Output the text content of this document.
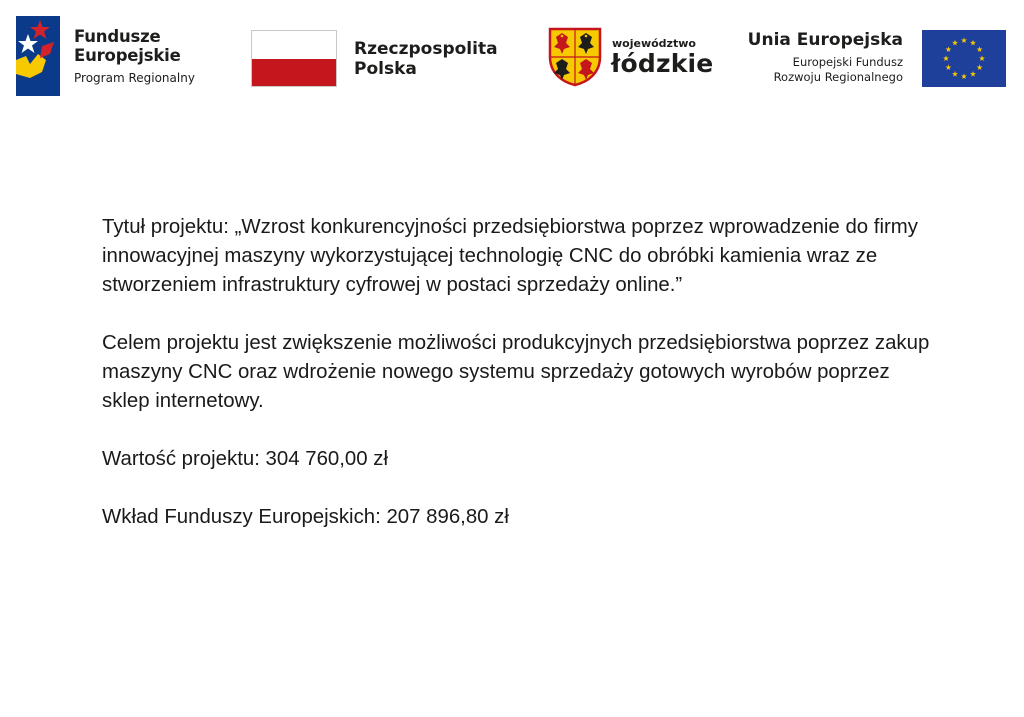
Fundusze
Europejskie
Program Regionalny
Rzeczpospolita
Polska
województwo
łódzkie
Unia Europejska
Europejski Fundusz
Rozwoju Regionalnego

Tytuł projektu: „Wzrost konkurencyjności przedsiębiorstwa poprzez wprowadzenie do firmy innowacyjnej maszyny wykorzystującej technologię CNC do obróbki kamienia wraz ze stworzeniem infrastruktury cyfrowej w postaci sprzedaży online.”

Celem projektu jest zwiększenie możliwości produkcyjnych przedsiębiorstwa poprzez zakup maszyny CNC oraz wdrożenie nowego systemu sprzedaży gotowych wyrobów poprzez sklep internetowy.

Wartość projektu: 304 760,00 zł

Wkład Funduszy Europejskich: 207 896,80 zł
